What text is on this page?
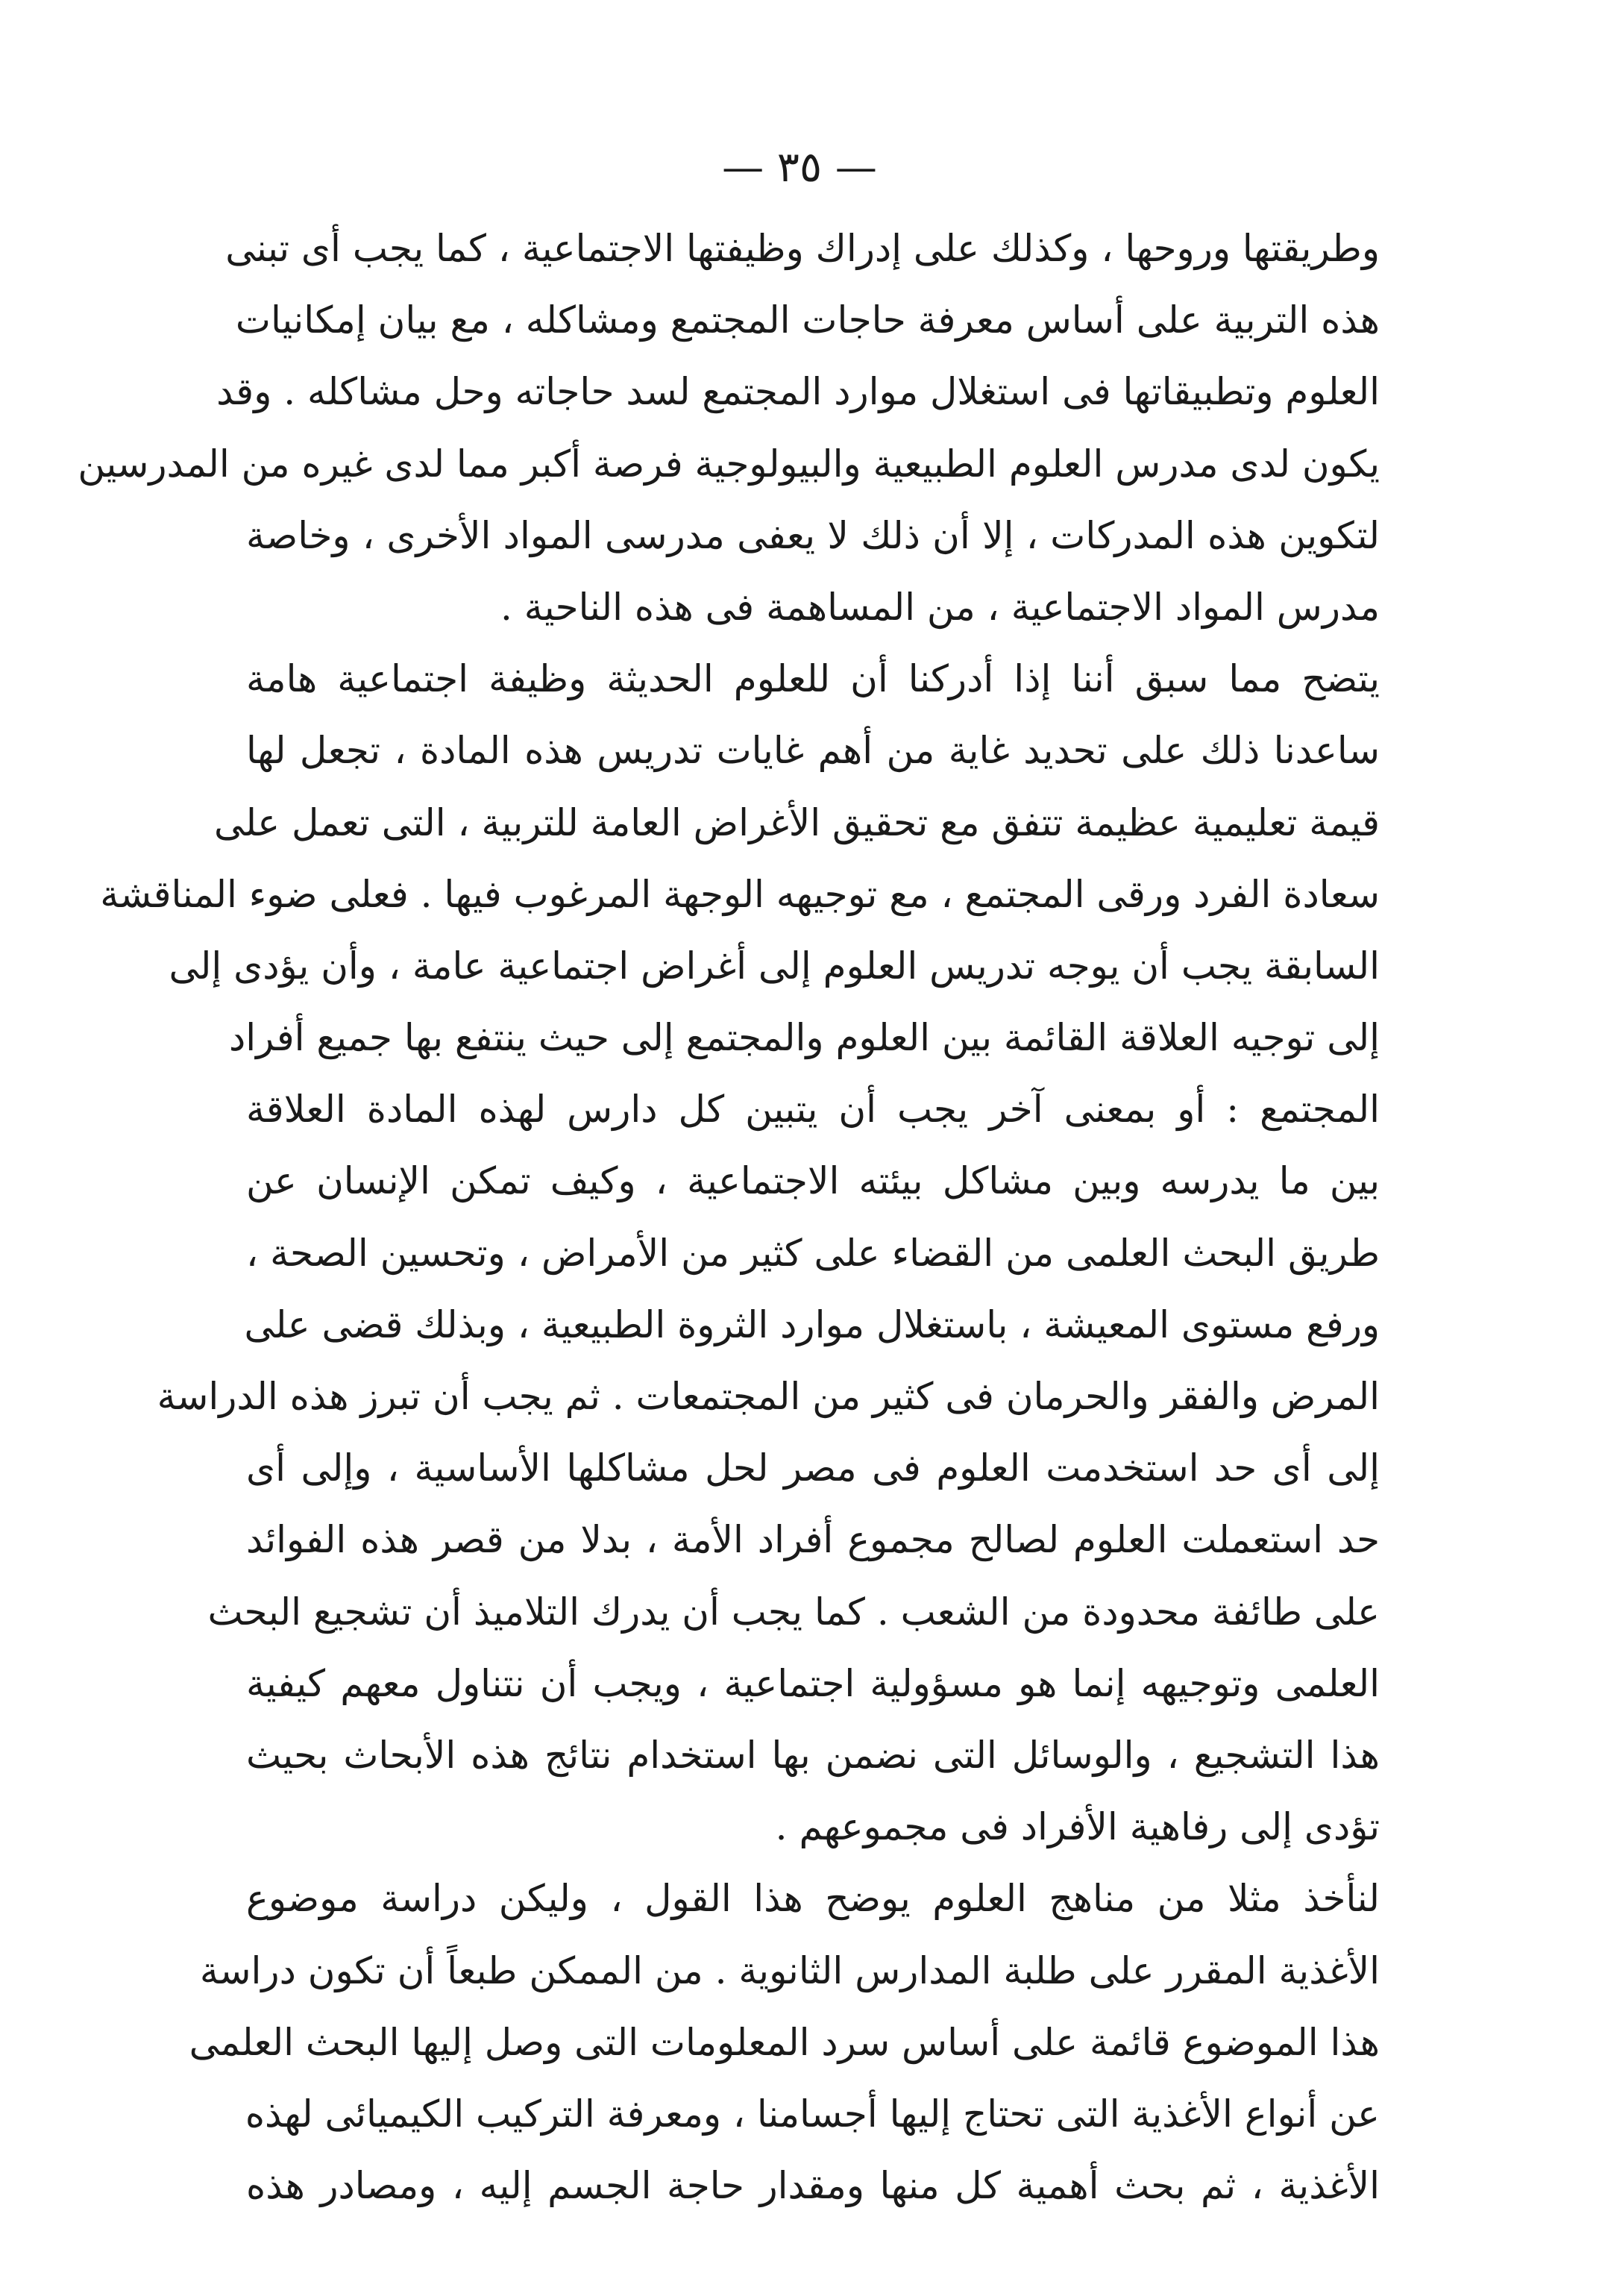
— ٣٥ —
وطريقتها وروحها ، وكذلك على إدراك وظيفتها الاجتماعية ، كما يجب أى تبنى
هذه التربية على أساس معرفة حاجات المجتمع ومشاكله ، مع بيان إمكانيات
العلوم وتطبيقاتها فى استغلال موارد المجتمع لسد حاجاته وحل مشاكله . وقد
يكون لدى مدرس العلوم الطبيعية والبيولوجية فرصة أكبر مما لدى غيره من المدرسين
لتكوين هذه المدركات ، إلا أن ذلك لا يعفى مدرسى المواد الأخرى ، وخاصة
مدرس المواد الاجتماعية ، من المساهمة فى هذه الناحية .
يتضح مما سبق أننا إذا أدركنا أن للعلوم الحديثة وظيفة اجتماعية هامة
ساعدنا ذلك على تحديد غاية من أهم غايات تدريس هذه المادة ، تجعل لها
قيمة تعليمية عظيمة تتفق مع تحقيق الأغراض العامة للتربية ، التى تعمل على
سعادة الفرد ورقى المجتمع ، مع توجيهه الوجهة المرغوب فيها . فعلى ضوء المناقشة
السابقة يجب أن يوجه تدريس العلوم إلى أغراض اجتماعية عامة ، وأن يؤدى إلى
إلى توجيه العلاقة القائمة بين العلوم والمجتمع إلى حيث ينتفع بها جميع أفراد
المجتمع : أو بمعنى آخر يجب أن يتبين كل دارس لهذه المادة العلاقة
بين ما يدرسه وبين مشاكل بيئته الاجتماعية ، وكيف تمكن الإنسان عن
طريق البحث العلمى من القضاء على كثير من الأمراض ، وتحسين الصحة ،
ورفع مستوى المعيشة ، باستغلال موارد الثروة الطبيعية ، وبذلك قضى على
المرض والفقر والحرمان فى كثير من المجتمعات . ثم يجب أن تبرز هذه الدراسة
إلى أى حد استخدمت العلوم فى مصر لحل مشاكلها الأساسية ، وإلى أى
حد استعملت العلوم لصالح مجموع أفراد الأمة ، بدلا من قصر هذه الفوائد
على طائفة محدودة من الشعب . كما يجب أن يدرك التلاميذ أن تشجيع البحث
العلمى وتوجيهه إنما هو مسؤولية اجتماعية ، ويجب أن نتناول معهم كيفية
هذا التشجيع ، والوسائل التى نضمن بها استخدام نتائج هذه الأبحاث بحيث
تؤدى إلى رفاهية الأفراد فى مجموعهم .
لنأخذ مثلا من مناهج العلوم يوضح هذا القول ، وليكن دراسة موضوع
الأغذية المقرر على طلبة المدارس الثانوية . من الممكن طبعاً أن تكون دراسة
هذا الموضوع قائمة على أساس سرد المعلومات التى وصل إليها البحث العلمى
عن أنواع الأغذية التى تحتاج إليها أجسامنا ، ومعرفة التركيب الكيميائى لهذه
الأغذية ، ثم بحث أهمية كل منها ومقدار حاجة الجسم إليه ، ومصادر هذه
